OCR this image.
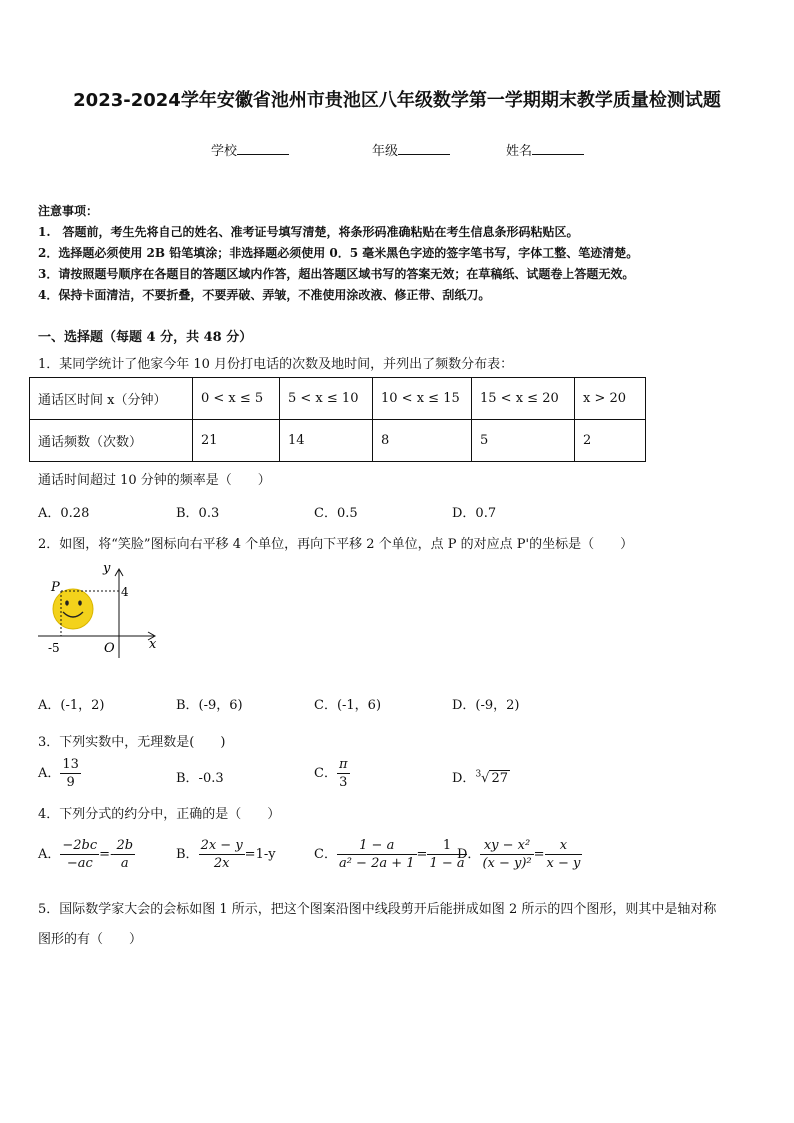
2023-2024学年安徽省池州市贵池区八年级数学第一学期期末教学质量检测试题
学校	年级	姓名
注意事项：
1.　答题前，考生先将自己的姓名、准考证号填写清楚，将条形码准确粘贴在考生信息条形码粘贴区。
2．选择题必须使用 2B 铅笔填涂；非选择题必须使用 0．5 毫米黑色字迹的签字笔书写，字体工整、笔迹清楚。
3．请按照题号顺序在各题目的答题区域内作答，超出答题区域书写的答案无效；在草稿纸、试题卷上答题无效。
4．保持卡面清洁，不要折叠，不要弄破、弄皱，不准使用涂改液、修正带、刮纸刀。
一、选择题（每题 4 分，共 48 分）
1．某同学统计了他家今年 10 月份打电话的次数及地时间，并列出了频数分布表：
通话区时间 x（分钟）	0 < x ≤ 5	5 < x ≤ 10	10 < x ≤ 15	15 < x ≤ 20	x > 20
通话频数（次数）	21	14	8	5	2
通话时间超过 10 分钟的频率是（　　）
A．0.28	B．0.3	C．0.5	D．0.7
2．如图，将“笑脸”图标向右平移 4 个单位，再向下平移 2 个单位，点 P 的对应点 P'的坐标是（　　）
P
y
x
4
-5	O
A．(-1，2)	B．(-9，6)	C．(-1，6)	D．(-9，2)
3．下列实数中，无理数是(　　)
A． $\frac{13}{9}$	B．-0.3	C． $\frac{\pi}{3}$	D．$^3$√ 27
4．下列分式的约分中，正确的是（　　）
A． $\frac{-2bc}{-ac} =- \frac{2b}{a}$	B． $\frac{2x - y}{2x} =1-y$	C． $\frac{1 - a}{\text{a² − 2a + 1}} = \frac{1}{1 - a}$
D． $\frac{\text{xy − x²}}{\text{(x − y)²}} = \frac{x}{x - y}$
5．国际数学家大会的会标如图 1 所示，把这个图案沿图中线段剪开后能拼成如图 2 所示的四个图形，则其中是轴对称
图形的有（　　）
